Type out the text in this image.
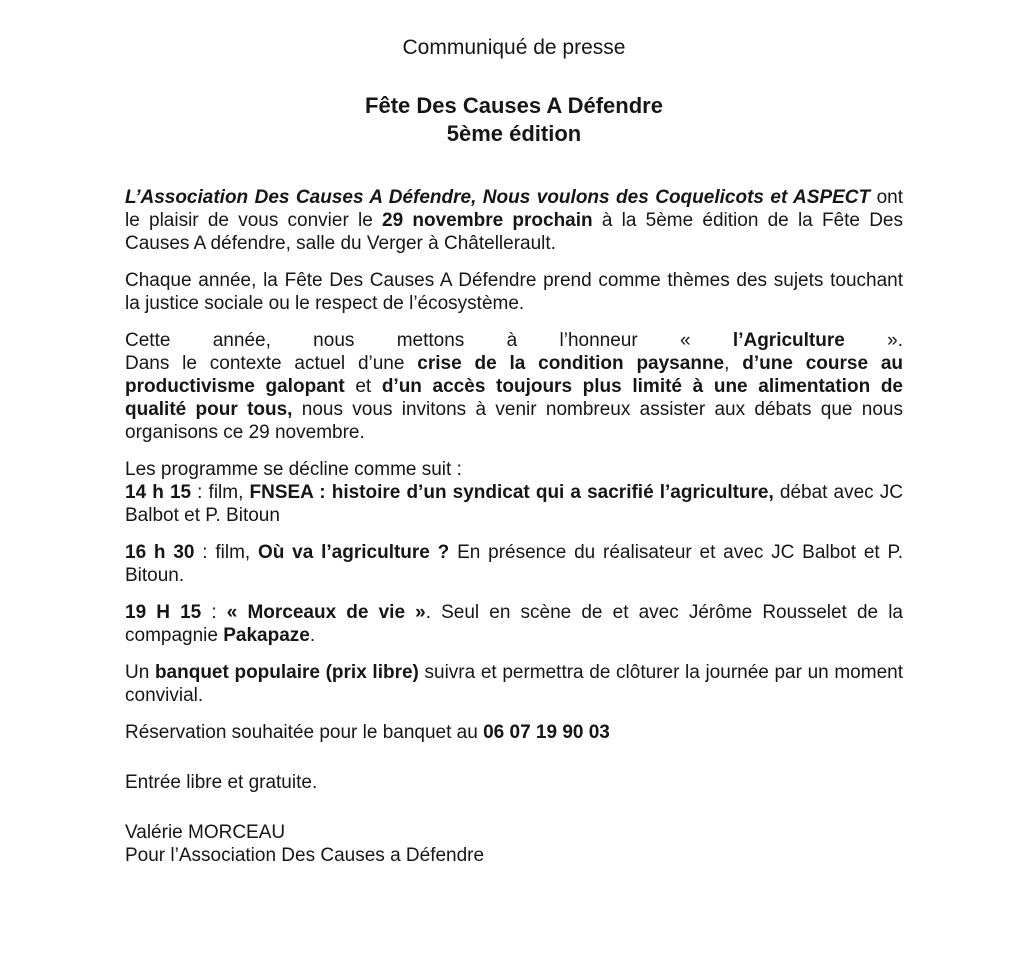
Communiqué de presse

Fête Des Causes A Défendre
5ème édition

L’Association Des Causes A Défendre, Nous voulons des Coquelicots et ASPECT ont le plaisir de vous convier le 29 novembre prochain à la 5ème édition de la Fête Des Causes A défendre, salle du Verger à Châtellerault.

Chaque année, la Fête Des Causes A Défendre prend comme thèmes des sujets touchant la justice sociale ou le respect de l’écosystème.

Cette année, nous mettons à l’honneur « l’Agriculture ».

Dans le contexte actuel d’une crise de la condition paysanne, d’une course au productivisme galopant et d’un accès toujours plus limité à une alimentation de qualité pour tous, nous vous invitons à venir nombreux assister aux débats que nous organisons ce 29 novembre.

Les programme se décline comme suit :

14 h 15 : film, FNSEA : histoire d’un syndicat qui a sacrifié l’agriculture, débat avec JC Balbot et P. Bitoun

16 h 30 : film, Où va l’agriculture ? En présence du réalisateur et avec JC Balbot et P. Bitoun.

19 H 15 : « Morceaux de vie ». Seul en scène de et avec Jérôme Rousselet de la compagnie Pakapaze.

Un banquet populaire (prix libre) suivra et permettra de clôturer la journée par un moment convivial.

Réservation souhaitée pour le banquet au 06 07 19 90 03

Entrée libre et gratuite.

Valérie MORCEAU

Pour l’Association Des Causes a Défendre
